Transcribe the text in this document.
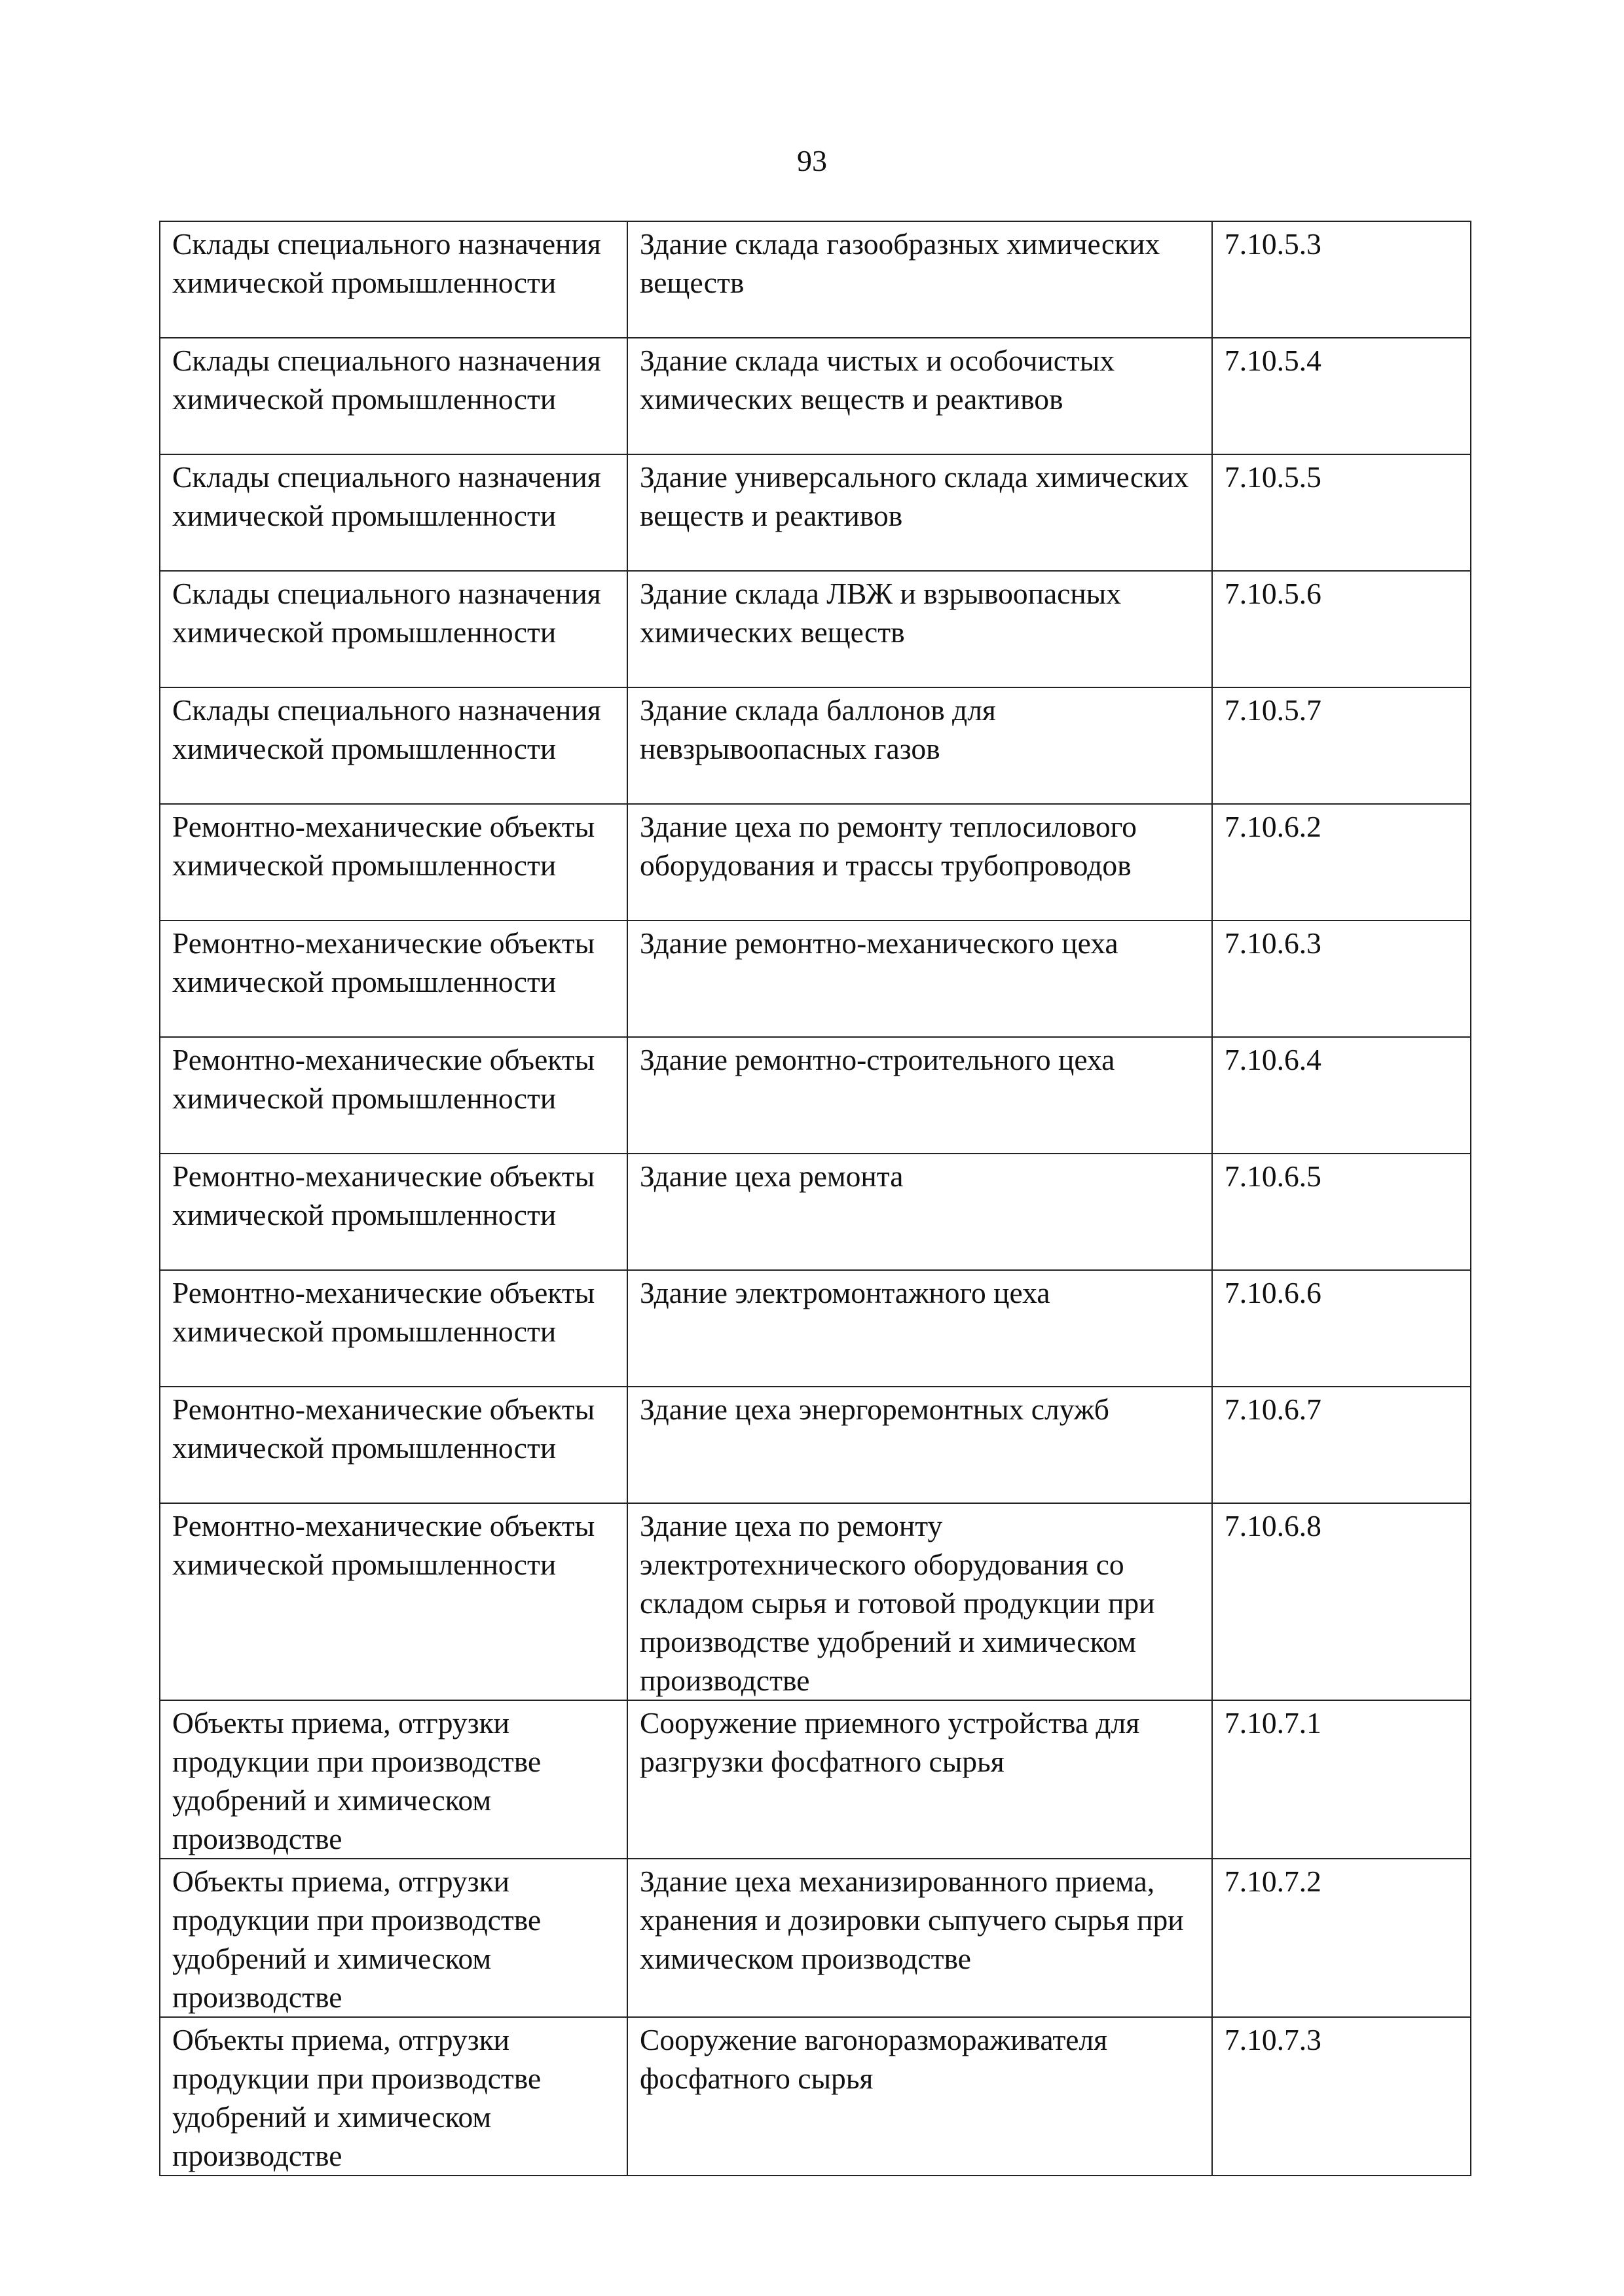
93
Склады специального назначения химической промышленности	Здание склада газообразных химических веществ	7.10.5.3
Склады специального назначения химической промышленности	Здание склада чистых и особочистых химических веществ и реактивов	7.10.5.4
Склады специального назначения химической промышленности	Здание универсального склада химических веществ и реактивов	7.10.5.5
Склады специального назначения химической промышленности	Здание склада ЛВЖ и взрывоопасных химических веществ	7.10.5.6
Склады специального назначения химической промышленности	Здание склада баллонов для невзрывоопасных газов	7.10.5.7
Ремонтно-механические объекты химической промышленности	Здание цеха по ремонту теплосилового оборудования и трассы трубопроводов	7.10.6.2
Ремонтно-механические объекты химической промышленности	Здание ремонтно-механического цеха	7.10.6.3
Ремонтно-механические объекты химической промышленности	Здание ремонтно-строительного цеха	7.10.6.4
Ремонтно-механические объекты химической промышленности	Здание цеха ремонта	7.10.6.5
Ремонтно-механические объекты химической промышленности	Здание электромонтажного цеха	7.10.6.6
Ремонтно-механические объекты химической промышленности	Здание цеха энергоремонтных служб	7.10.6.7
Ремонтно-механические объекты химической промышленности	Здание цеха по ремонту электротехнического оборудования со складом сырья и готовой продукции при производстве удобрений и химическом производстве	7.10.6.8
Объекты приема, отгрузки продукции при производстве удобрений и химическом производстве	Сооружение приемного устройства для разгрузки фосфатного сырья	7.10.7.1
Объекты приема, отгрузки продукции при производстве удобрений и химическом производстве	Здание цеха механизированного приема, хранения и дозировки сыпучего сырья при химическом производстве	7.10.7.2
Объекты приема, отгрузки продукции при производстве удобрений и химическом производстве	Сооружение вагоноразмораживателя фосфатного сырья	7.10.7.3
